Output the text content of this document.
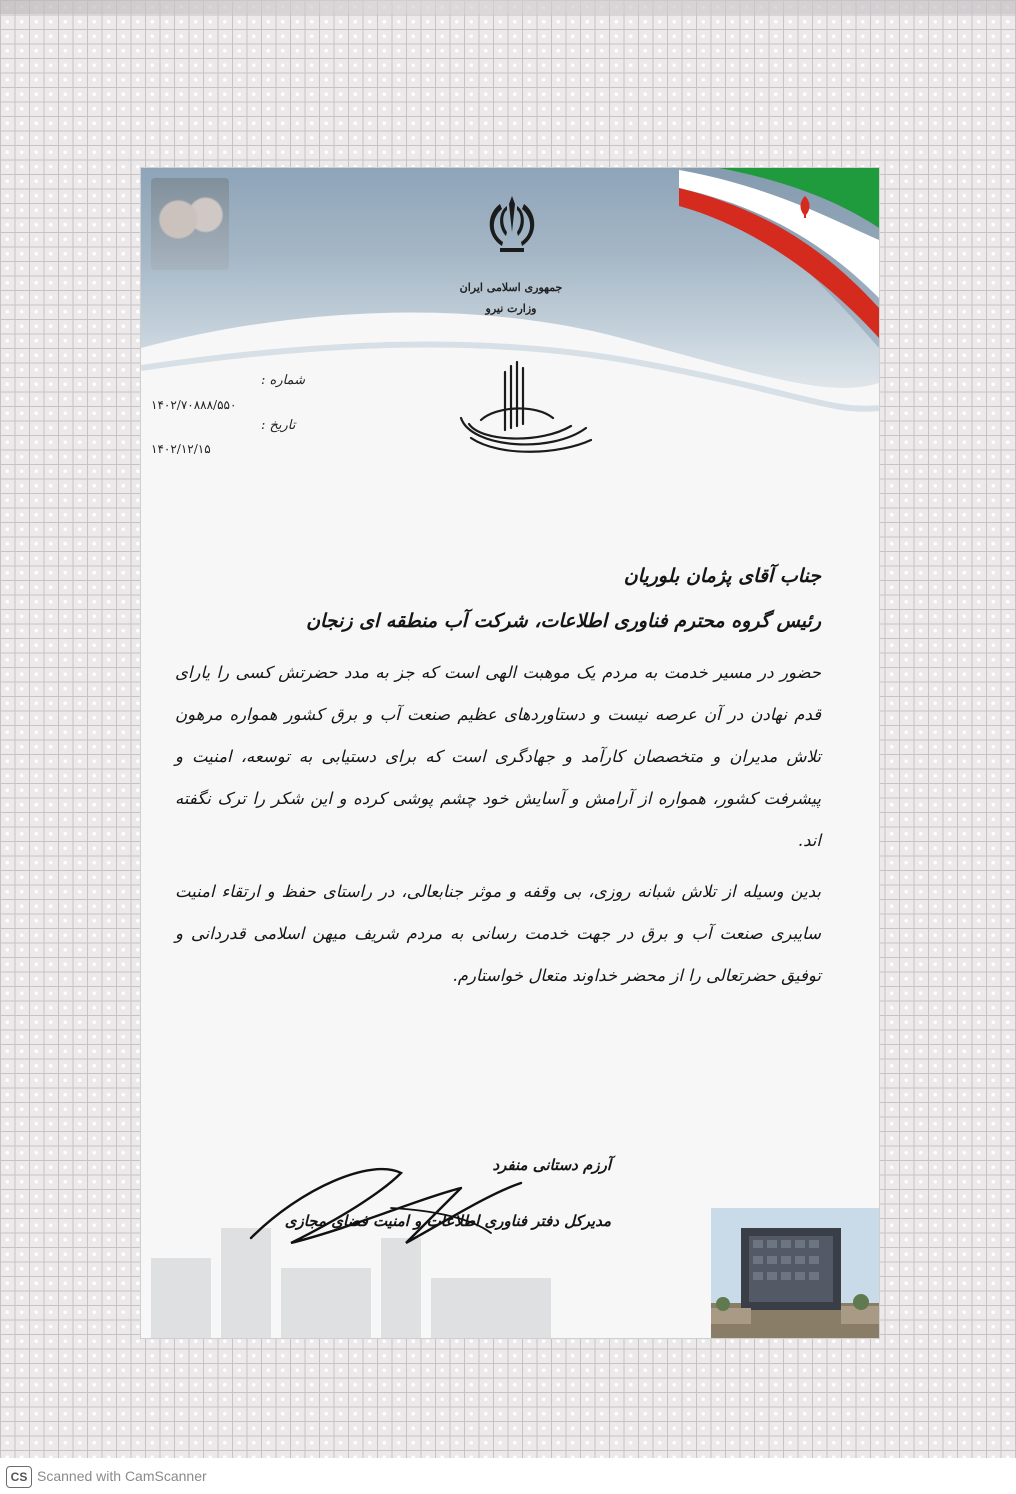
جمهوری اسلامی ایران
وزارت نیرو
شماره :
۱۴۰۲/۷۰۸۸۸/۵۵۰
تاریخ :
۱۴۰۲/۱۲/۱۵
جناب آقای پژمان بلوریان
رئیس گروه محترم فناوری اطلاعات، شرکت آب منطقه ای زنجان

حضور در مسیر خدمت به مردم یک موهبت الهی است که جز به مدد حضرتش کسی را یارای قدم نهادن در آن عرصه نیست و دستاوردهای عظیم صنعت آب و برق کشور همواره مرهون تلاش مدیران و متخصصان کارآمد و جهادگری است که برای دستیابی به توسعه، امنیت و پیشرفت کشور، همواره از آرامش و آسایش خود چشم پوشی کرده و این شکر را ترک نگفته اند.

بدین وسیله از تلاش شبانه روزی، بی وقفه و موثر جنابعالی، در راستای حفظ و ارتقاء امنیت سایبری صنعت آب و برق در جهت خدمت رسانی به مردم شریف میهن اسلامی قدردانی و توفیق حضرتعالی را از محضر خداوند متعال خواستارم.

آرزم دستانی منفرد
مدیرکل دفتر فناوری اطلاعات و امنیت فضای مجازی
CS Scanned with CamScanner
